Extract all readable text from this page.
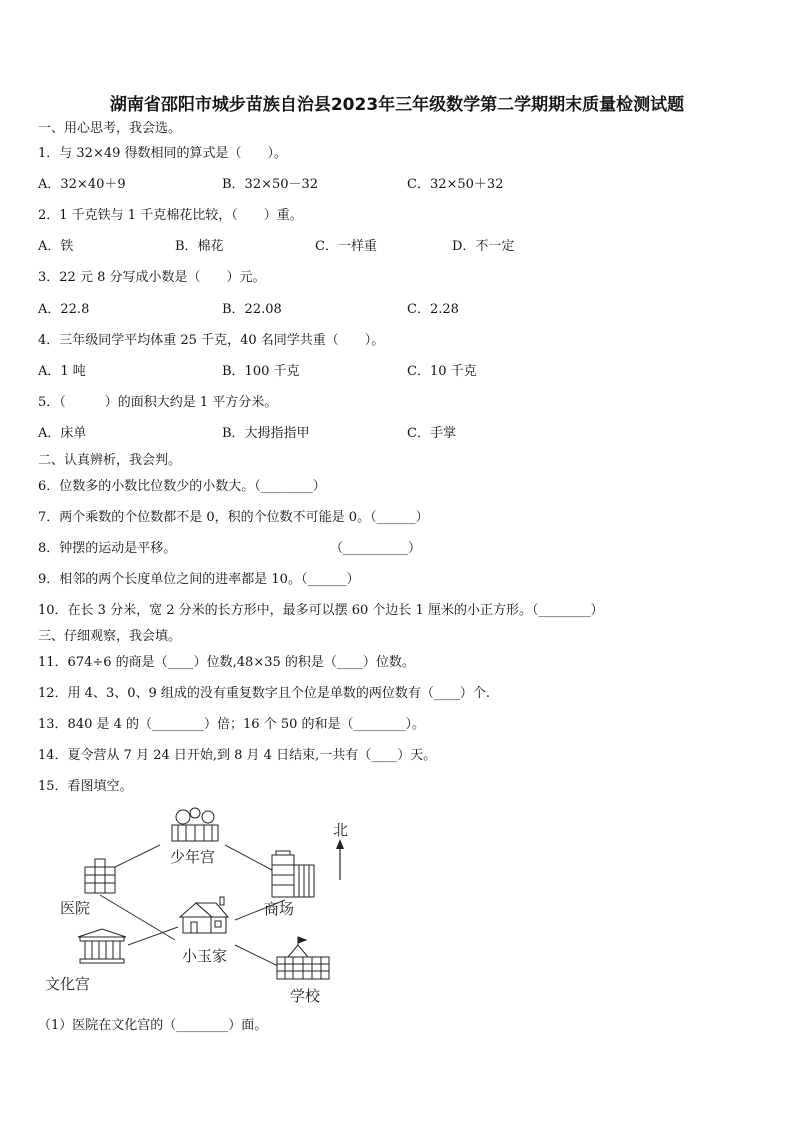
湖南省邵阳市城步苗族自治县2023年三年级数学第二学期期末质量检测试题
一、用心思考，我会选。
1．与 32×49 得数相同的算式是（　　）。
A．32×40＋9	B．32×50－32	C．32×50＋32
2．1 千克铁与 1 千克棉花比较，（　　）重。
A．铁	B．棉花	C．一样重	D．不一定
3．22 元 8 分写成小数是（　　）元。
A．22.8	B．22.08	C．2.28
4．三年级同学平均体重 25 千克，40 名同学共重（　　）。
A．1 吨	B．100 千克	C．10 千克
5．（　　　）的面积大约是 1 平方分米。
A．床单	B．大拇指指甲	C．手掌
二、认真辨析，我会判。
6．位数多的小数比位数少的小数大。（________）
7．两个乘数的个位数都不是 0，积的个位数不可能是 0。（______）
8．钟摆的运动是平移。	（__________）
9．相邻的两个长度单位之间的进率都是 10。（______）
10．在长 3 分米，宽 2 分米的长方形中，最多可以摆 60 个边长 1 厘米的小正方形。（________）
三、仔细观察，我会填。
11．674÷6 的商是（____）位数,48×35 的积是（____）位数。
12．用 4、3、0、9 组成的没有重复数字且个位是单数的两位数有（____）个.
13．840 是 4 的（________）倍；16 个 50 的和是（________）。
14．夏令营从 7 月 24 日开始,到 8 月 4 日结束,一共有（____）天。
15．看图填空。
北
少年宫
医院	商场
小玉家
文化宫
学校
（1）医院在文化宫的（________）面。
